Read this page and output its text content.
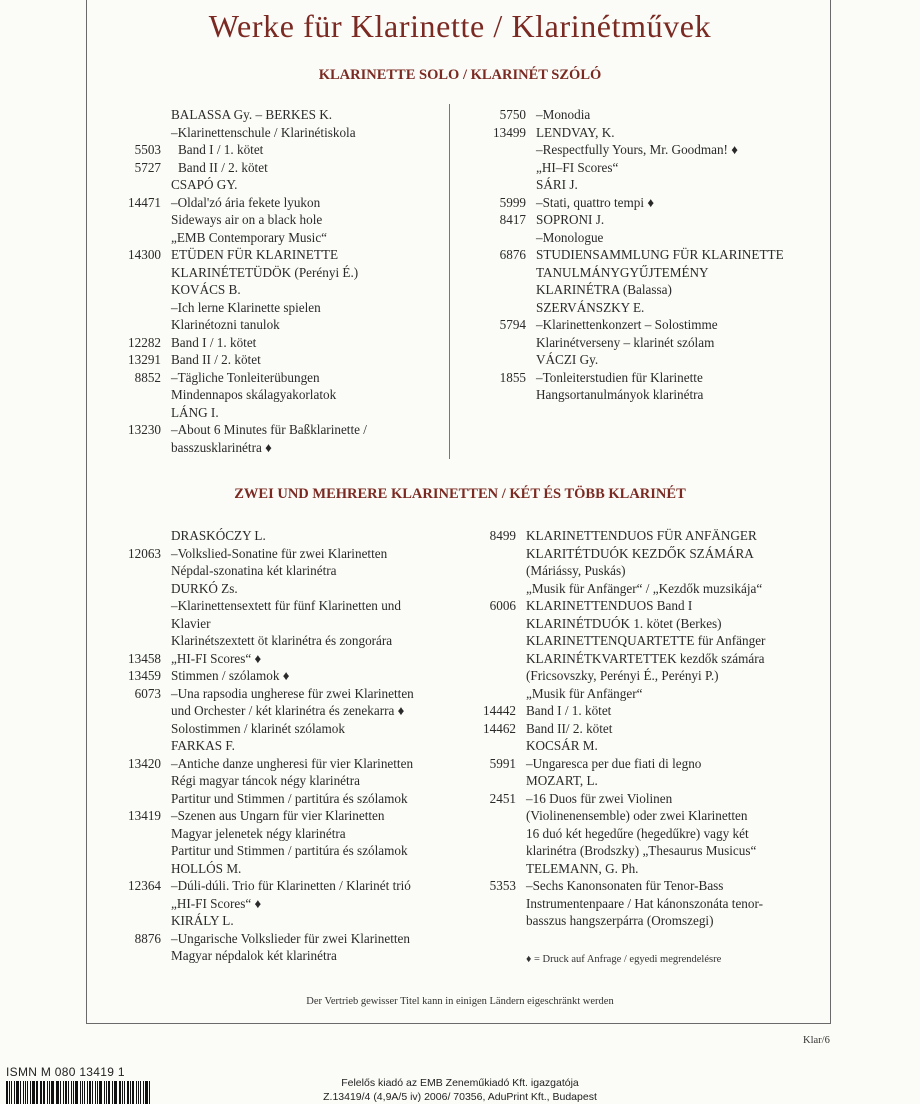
Werke für Klarinette / Klarinétművek
KLARINETTE SOLO / KLARINÉT SZÓLÓ
BALASSA Gy. – BERKES K.
–Klarinettenschule / Klarinétiskola
5503 Band I / 1. kötet
5727 Band II / 2. kötet
CSAPÓ GY.
14471 –Oldal'zó ária fekete lyukon
Sideways air on a black hole
„EMB Contemporary Music“
14300 ETÜDEN FÜR KLARINETTE
KLARINÉTETÜDÖK (Perényi É.)
KOVÁCS B.
–Ich lerne Klarinette spielen
Klarinétozni tanulok
12282 Band I / 1. kötet
13291 Band II / 2. kötet
8852 –Tägliche Tonleiterübungen
Mindennapos skálagyakorlatok
LÁNG I.
13230 –About 6 Minutes für Baßklarinette /
basszusklarinétra ♦
5750 –Monodia
13499 LENDVAY, K.
–Respectfully Yours, Mr. Goodman! ♦
„HI–FI Scores“
SÁRI J.
5999 –Stati, quattro tempi ♦
8417 SOPRONI J.
–Monologue
6876 STUDIENSAMMLUNG FÜR KLARINETTE
TANULMÁNYGYŰJTEMÉNY
KLARINÉTRA (Balassa)
SZERVÁNSZKY E.
5794 –Klarinettenkonzert – Solostimme
Klarinétverseny – klarinét szólam
VÁCZI Gy.
1855 –Tonleiterstudien für Klarinette
Hangsortanulmányok klarinétra
ZWEI UND MEHRERE KLARINETTEN / KÉT ÉS TÖBB KLARINÉT
DRASKÓCZY L.
12063 –Volkslied-Sonatine für zwei Klarinetten
Népdal-szonatina két klarinétra
DURKÓ Zs.
–Klarinettensextett für fünf Klarinetten und
Klavier
Klarinétszextett öt klarinétra és zongorára
13458 „HI-FI Scores“ ♦
13459 Stimmen / szólamok ♦
6073 –Una rapsodia ungherese für zwei Klarinetten
und Orchester / két klarinétra és zenekarra ♦
Solostimmen / klarinét szólamok
FARKAS F.
13420 –Antiche danze ungheresi für vier Klarinetten
Régi magyar táncok négy klarinétra
Partitur und Stimmen / partitúra és szólamok
13419 –Szenen aus Ungarn für vier Klarinetten
Magyar jelenetek négy klarinétra
Partitur und Stimmen / partitúra és szólamok
HOLLÓS M.
12364 –Dúli-dúli. Trio für Klarinetten / Klarinét trió
„HI-FI Scores“ ♦
KIRÁLY L.
8876 –Ungarische Volkslieder für zwei Klarinetten
Magyar népdalok két klarinétra
8499 KLARINETTENDUOS FÜR ANFÄNGER
KLARITÉTDUÓK KEZDŐK SZÁMÁRA
(Máriássy, Puskás)
„Musik für Anfänger“ / „Kezdők muzsikája“
6006 KLARINETTENDUOS Band I
KLARINÉTDUÓK 1. kötet (Berkes)
KLARINETTENQUARTETTE für Anfänger
KLARINÉTKVARTETTEK kezdők számára
(Fricsovszky, Perényi É., Perényi P.)
„Musik für Anfänger“
14442 Band I / 1. kötet
14462 Band II/ 2. kötet
KOCSÁR M.
5991 –Ungaresca per due fiati di legno
MOZART, L.
2451 –16 Duos für zwei Violinen
(Violinenensemble) oder zwei Klarinetten
16 duó két hegedűre (hegedűkre) vagy két
klarinétra (Brodszky) „Thesaurus Musicus“
TELEMANN, G. Ph.
5353 –Sechs Kanonsonaten für Tenor-Bass
Instrumentenpaare / Hat kánonszonáta tenor-
basszus hangszerpárra (Oromszegi)
♦ = Druck auf Anfrage / egyedi megrendelésre
Der Vertrieb gewisser Titel kann in einigen Ländern eigeschränkt werden
Klar/6
ISMN M 080 13419 1
Felelős kiadó az EMB Zeneműkiadó Kft. igazgatója
Z.13419/4 (4,9A/5 iv) 2006/ 70356, AduPrint Kft., Budapest
